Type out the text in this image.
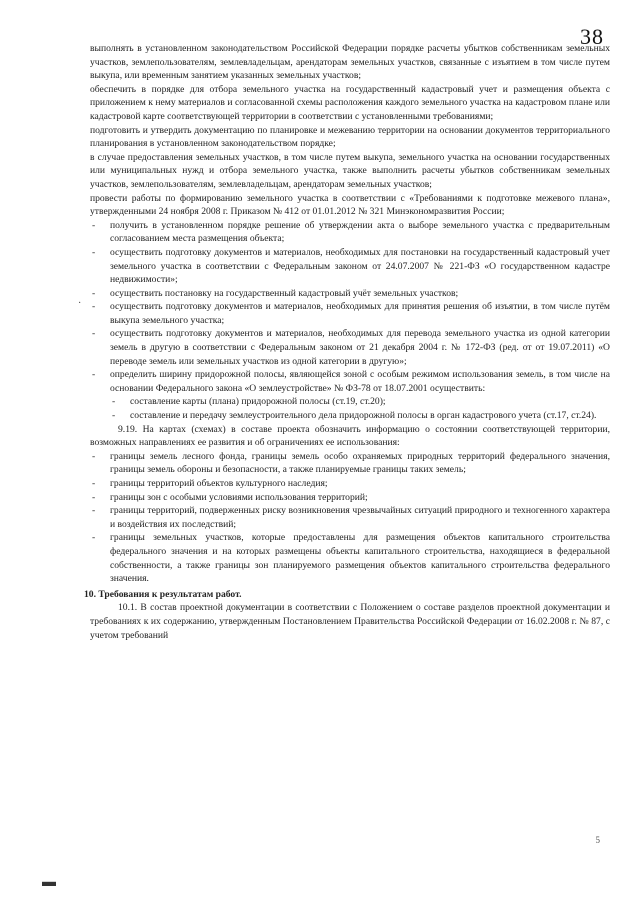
38
·

выполнять в установленном законодательством Российской Федерации порядке расчеты убытков собственникам земельных участков, землепользователям, землевладельцам, арендаторам земельных участков, связанные с изъятием в том числе путем выкупа, или временным занятием указанных земельных участков;

обеспечить в порядке для отбора земельного участка на государственный кадастровый учет и размещения объекта с приложением к нему материалов и согласованной схемы расположения каждого земельного участка на кадастровом плане или кадастровой карте соответствующей территории в соответствии с установленными требованиями;

подготовить и утвердить документацию по планировке и межеванию территории на основании документов территориального планирования в установленном законодательством порядке;

в случае предоставления земельных участков, в том числе путем выкупа, земельного участка на основании государственных или муниципальных нужд и отбора земельного участка, также выполнить расчеты убытков собственникам земельных участков, землепользователям, землевладельцам, арендаторам земельных участков;

провести работы по формированию земельного участка в соответствии с «Требованиями к подготовке межевого плана», утвержденными 24 ноября 2008 г. Приказом № 412 от 01.01.2012 № 321 Минэкономразвития России;

- получить в установленном порядке решение об утверждении акта о выборе земельного участка с предварительным согласованием места размещения объекта;
- осуществить подготовку документов и материалов, необходимых для постановки на государственный кадастровый учет земельного участка в соответствии с Федеральным законом от 24.07.2007 № 221-ФЗ «О государственном кадастре недвижимости»;
- осуществить постановку на государственный кадастровый учёт земельных участков;
- осуществить подготовку документов и материалов, необходимых для принятия решения об изъятии, в том числе путём выкупа земельного участка;
- осуществить подготовку документов и материалов, необходимых для перевода земельного участка из одной категории земель в другую в соответствии с Федеральным законом от 21 декабря 2004 г. № 172-ФЗ (ред. от от 19.07.2011) «О переводе земель или земельных участков из одной категории в другую»;
- определить ширину придорожной полосы, являющейся зоной с особым режимом использования земель, в том числе на основании Федерального закона «О землеустройстве» № ФЗ-78 от 18.07.2001 осуществить:
- составление карты (плана) придорожной полосы (ст.19, ст.20);
- составление и передачу землеустроительного дела придорожной полосы в орган кадастрового учета (ст.17, ст.24).

9.19. На картах (схемах) в составе проекта обозначить информацию о состоянии соответствующей территории, возможных направлениях ее развития и об ограничениях ее использования:

- границы земель лесного фонда, границы земель особо охраняемых природных территорий федерального значения, границы земель обороны и безопасности, а также планируемые границы таких земель;
- границы территорий объектов культурного наследия;
- границы зон с особыми условиями использования территорий;
- границы территорий, подверженных риску возникновения чрезвычайных ситуаций природного и техногенного характера и воздействия их последствий;
- границы земельных участков, которые предоставлены для размещения объектов капитального строительства федерального значения и на которых размещены объекты капитального строительства, находящиеся в федеральной собственности, а также границы зон планируемого размещения объектов капитального строительства федерального значения.
10. Требования к результатам работ.

10.1. В состав проектной документации в соответствии с Положением о составе разделов проектной документации и требованиях к их содержанию, утвержденным Постановлением Правительства Российской Федерации от 16.02.2008 г. № 87, с учетом требований

5
▬
